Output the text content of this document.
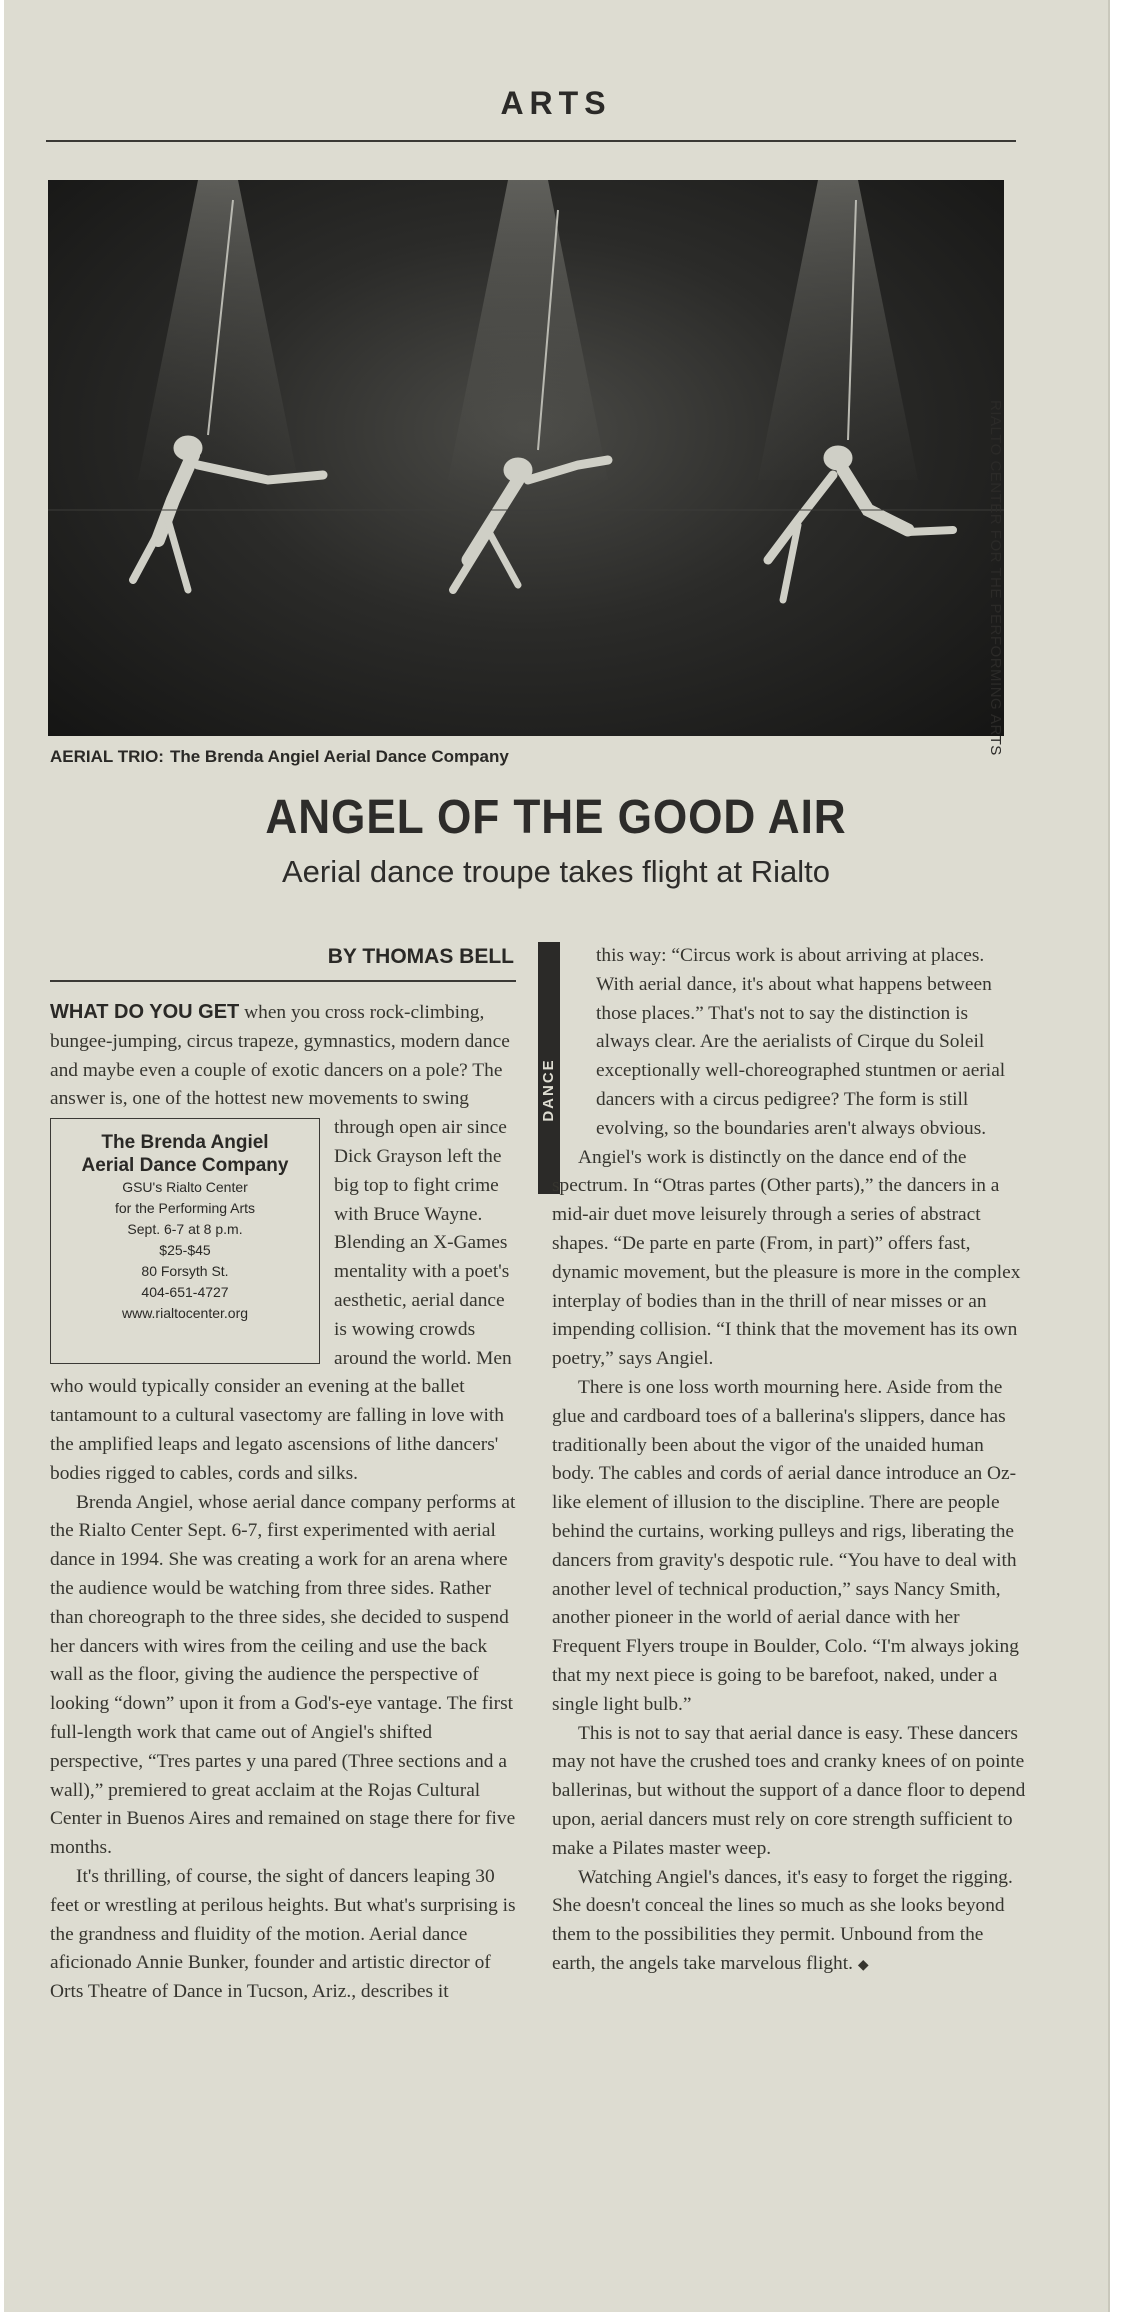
ARTS
RIALTO CENTER FOR THE PERFORMING ARTS
AERIAL TRIO: The Brenda Angiel Aerial Dance Company
ANGEL OF THE GOOD AIR
Aerial dance troupe takes flight at Rialto
BY THOMAS BELL

WHAT DO YOU GET when you cross rock-climbing, bungee-jumping, circus trapeze, gymnastics, modern dance and maybe even a couple of exotic dancers on a pole? The answer is, one of the hottest new movements to swing
The Brenda Angiel
Aerial Dance Company
GSU's Rialto Center
for the Performing Arts
Sept. 6-7 at 8 p.m.
$25-$45
80 Forsyth St.
404-651-4727
www.rialtocenter.org
through open air since Dick Grayson left the big top to fight crime with Bruce Wayne. Blending an X-Games mentality with a poet's aesthetic, aerial dance is wowing crowds around the world. Men who would typically consider an evening at the ballet tantamount to a cultural vasectomy are falling in love with the amplified leaps and legato ascensions of lithe dancers' bodies rigged to cables, cords and silks.

Brenda Angiel, whose aerial dance company performs at the Rialto Center Sept. 6-7, first experimented with aerial dance in 1994. She was creating a work for an arena where the audience would be watching from three sides. Rather than choreograph to the three sides, she decided to suspend her dancers with wires from the ceiling and use the back wall as the floor, giving the audience the perspective of looking “down” upon it from a God's-eye vantage. The first full-length work that came out of Angiel's shifted perspective, “Tres partes y una pared (Three sections and a wall),” premiered to great acclaim at the Rojas Cultural Center in Buenos Aires and remained on stage there for five months.

It's thrilling, of course, the sight of dancers leaping 30 feet or wrestling at perilous heights. But what's surprising is the grandness and fluidity of the motion. Aerial dance aficionado Annie Bunker, founder and artistic director of Orts Theatre of Dance in Tucson, Ariz., describes it

DANCE

this way: “Circus work is about arriving at places. With aerial dance, it's about what happens between those places.” That's not to say the distinction is always clear. Are the aerialists of Cirque du Soleil exceptionally well-choreographed stuntmen or aerial dancers with a circus pedigree? The form is still evolving, so the boundaries aren't always obvious.

Angiel's work is distinctly on the dance end of the spectrum. In “Otras partes (Other parts),” the dancers in a mid-air duet move leisurely through a series of abstract shapes. “De parte en parte (From, in part)” offers fast, dynamic movement, but the pleasure is more in the complex interplay of bodies than in the thrill of near misses or an impending collision. “I think that the movement has its own poetry,” says Angiel.

There is one loss worth mourning here. Aside from the glue and cardboard toes of a ballerina's slippers, dance has traditionally been about the vigor of the unaided human body. The cables and cords of aerial dance introduce an Oz-like element of illusion to the discipline. There are people behind the curtains, working pulleys and rigs, liberating the dancers from gravity's despotic rule. “You have to deal with another level of technical production,” says Nancy Smith, another pioneer in the world of aerial dance with her Frequent Flyers troupe in Boulder, Colo. “I'm always joking that my next piece is going to be barefoot, naked, under a single light bulb.”

This is not to say that aerial dance is easy. These dancers may not have the crushed toes and cranky knees of on pointe ballerinas, but without the support of a dance floor to depend upon, aerial dancers must rely on core strength sufficient to make a Pilates master weep.

Watching Angiel's dances, it's easy to forget the rigging. She doesn't conceal the lines so much as she looks beyond them to the possibilities they permit. Unbound from the earth, the angels take marvelous flight. ◆
